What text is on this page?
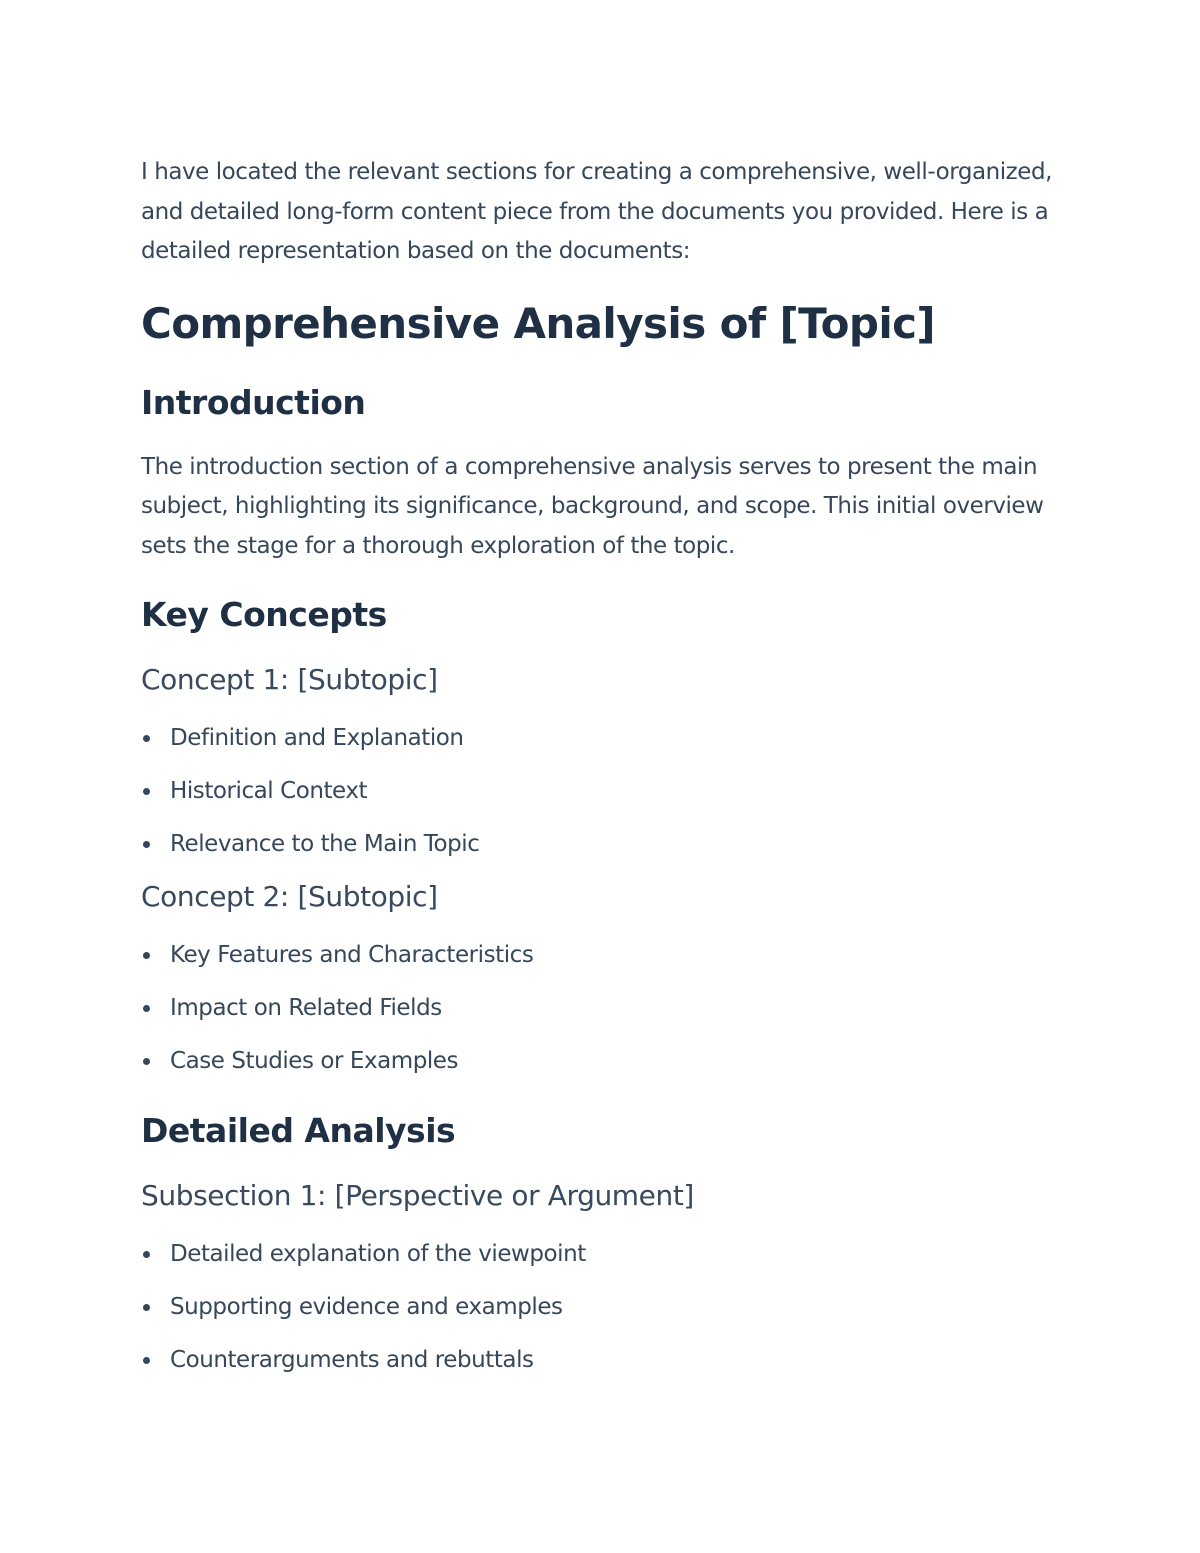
I have located the relevant sections for creating a comprehensive, well-organized, and detailed long-form content piece from the documents you provided. Here is a detailed representation based on the documents:

Comprehensive Analysis of [Topic]
Introduction

The introduction section of a comprehensive analysis serves to present the main subject, highlighting its significance, background, and scope. This initial overview sets the stage for a thorough exploration of the topic.

Key Concepts
Concept 1: [Subtopic]
Definition and Explanation
Historical Context
Relevance to the Main Topic
Concept 2: [Subtopic]
Key Features and Characteristics
Impact on Related Fields
Case Studies or Examples
Detailed Analysis
Subsection 1: [Perspective or Argument]
Detailed explanation of the viewpoint
Supporting evidence and examples
Counterarguments and rebuttals
